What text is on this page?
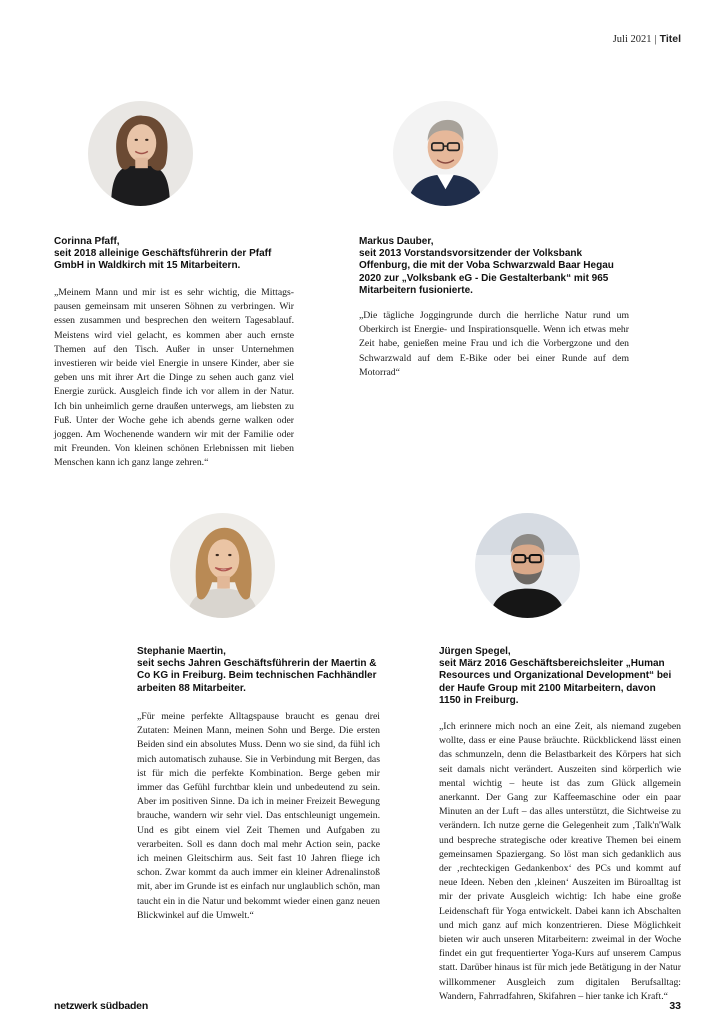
Juli 2021 | Titel
Corinna Pfaff,
seit 2018 alleinige Geschäftsführerin der Pfaff GmbH in Waldkirch mit 15 Mitarbeitern.
„Meinem Mann und mir ist es sehr wichtig, die Mittagspausen gemeinsam mit unseren Söhnen zu verbringen. Wir essen zusammen und besprechen den weitern Tagesablauf. Meistens wird viel gelacht, es kommen aber auch ernste Themen auf den Tisch. Außer in unser Unternehmen investieren wir beide viel Energie in unsere Kinder, aber sie geben uns mit ihrer Art die Dinge zu sehen auch ganz viel Energie zurück. Ausgleich finde ich vor allem in der Natur. Ich bin unheimlich gerne draußen unterwegs, am liebsten zu Fuß. Unter der Woche gehe ich abends gerne walken oder joggen. Am Wochenende wandern wir mit der Familie oder mit Freunden. Von kleinen schönen Erlebnissen mit lieben Menschen kann ich ganz lange zehren.“
Markus Dauber,
seit 2013 Vorstandsvorsitzender der Volksbank Offenburg, die mit der Voba Schwarzwald Baar Hegau 2020 zur „Volksbank eG - Die Gestalterbank“ mit 965 Mitarbeitern fusionierte.
„Die tägliche Joggingrunde durch die herrliche Natur rund um Oberkirch ist Energie- und Inspirationsquelle. Wenn ich etwas mehr Zeit habe, genießen meine Frau und ich die Vorbergzone und den Schwarzwald auf dem E-Bike oder bei einer Runde auf dem Motorrad“
Stephanie Maertin,
seit sechs Jahren Geschäftsführerin der Maertin & Co KG in Freiburg. Beim technischen Fachhändler arbeiten 88 Mitarbeiter.
„Für meine perfekte Alltagspause braucht es genau drei Zutaten: Meinen Mann, meinen Sohn und Berge. Die ersten Beiden sind ein absolutes Muss. Denn wo sie sind, da fühl ich mich automatisch zuhause. Sie in Verbindung mit Bergen, das ist für mich die perfekte Kombination. Berge geben mir immer das Gefühl furchtbar klein und unbedeutend zu sein. Aber im positiven Sinne. Da ich in meiner Freizeit Bewegung brauche, wandern wir sehr viel. Das entschleunigt ungemein. Und es gibt einem viel Zeit Themen und Aufgaben zu verarbeiten. Soll es dann doch mal mehr Action sein, packe ich meinen Gleitschirm aus. Seit fast 10 Jahren fliege ich schon. Zwar kommt da auch immer ein kleiner Adrenalinstoß mit, aber im Grunde ist es einfach nur unglaublich schön, man taucht ein in die Natur und bekommt wieder einen ganz neuen Blickwinkel auf die Umwelt.“
Jürgen Spegel,
seit März 2016 Geschäftsbereichsleiter „Human Resources und Organizational Development“ bei der Haufe Group mit 2100 Mitarbeitern, davon 1150 in Freiburg.
„Ich erinnere mich noch an eine Zeit, als niemand zugeben wollte, dass er eine Pause bräuchte. Rückblickend lässt einen das schmunzeln, denn die Belastbarkeit des Körpers hat sich seit damals nicht verändert. Auszeiten sind körperlich wie mental wichtig – heute ist das zum Glück allgemein anerkannt. Der Gang zur Kaffeemaschine oder ein paar Minuten an der Luft – das alles unterstützt, die Sichtweise zu verändern. Ich nutze gerne die Gelegenheit zum ‚Talk'n'Walk und bespreche strategische oder kreative Themen bei einem gemeinsamen Spaziergang. So löst man sich gedanklich aus der ‚rechteckigen Gedankenbox‘ des PCs und kommt auf neue Ideen. Neben den ‚kleinen‘ Auszeiten im Büroalltag ist mir der private Ausgleich wichtig: Ich habe eine große Leidenschaft für Yoga entwickelt. Dabei kann ich Abschalten und mich ganz auf mich konzentrieren. Diese Möglichkeit bieten wir auch unseren Mitarbeitern: zweimal in der Woche findet ein gut frequentierter Yoga-Kurs auf unserem Campus statt. Darüber hinaus ist für mich jede Betätigung in der Natur willkommener Ausgleich zum digitalen Berufsalltag: Wandern, Fahrradfahren, Skifahren – hier tanke ich Kraft.“
netzwerk südbaden	33
